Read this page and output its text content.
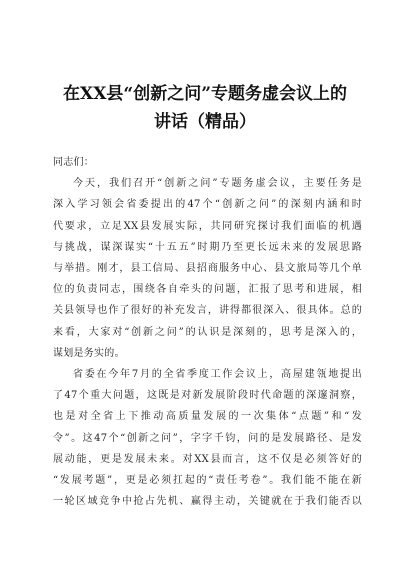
在XX县“创新之问”专题务虚会议上的
讲话（精品）

同志们：

今天，我们召开“创新之问”专题务虚会议，主要任务是

深入学习领会省委提出的47个“创新之问”的深刻内涵和时

代要求，立足XX县发展实际，共同研究探讨我们面临的机遇

与挑战，谋深谋实“十五五”时期乃至更长远未来的发展思路

与举措。刚才，县工信局、县招商服务中心、县文旅局等几个单

位的负责同志，围绕各自牵头的问题，汇报了思考和进展，相

关县领导也作了很好的补充发言，讲得都很深入、很具体。总的

来看，大家对“创新之问”的认识是深刻的，思考是深入的，

谋划是务实的。

省委在今年7月的全省季度工作会议上，高屋建瓴地提出

了47个重大问题，这既是对新发展阶段时代命题的深邃洞察，

也是对全省上下推动高质量发展的一次集体“点题”和“发

令”。这47个“创新之问”，字字千钧，问的是发展路径、是发

展动能，更是发展未来。对XX县而言，这不仅是必须答好的

“发展考题”，更是必须扛起的“责任考卷”。我们能不能在新

一轮区域竞争中抢占先机、赢得主动，关键就在于我们能否以
